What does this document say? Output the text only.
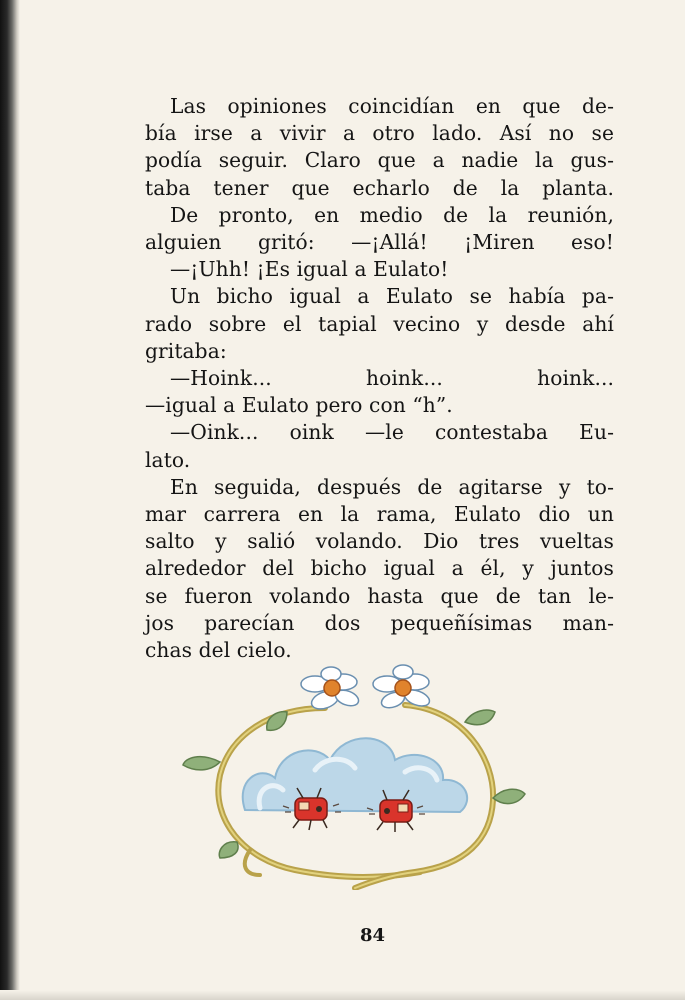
Las opiniones coincidían en que de-
bía irse a vivir a otro lado. Así no se
podía seguir. Claro que a nadie la gus-
taba tener que echarlo de la planta.
De pronto, en medio de la reunión,
alguien gritó: —¡Allá! ¡Miren eso!
—¡Uhh! ¡Es igual a Eulato!
Un bicho igual a Eulato se había pa-
rado sobre el tapial vecino y desde ahí
gritaba:
—Hoink... hoink... hoink...
—igual a Eulato pero con “h”.
—Oink... oink —le contestaba Eu-
lato.
En seguida, después de agitarse y to-
mar carrera en la rama, Eulato dio un
salto y salió volando. Dio tres vueltas
alrededor del bicho igual a él, y juntos
se fueron volando hasta que de tan le-
jos parecían dos pequeñísimas man-
chas del cielo.
84
